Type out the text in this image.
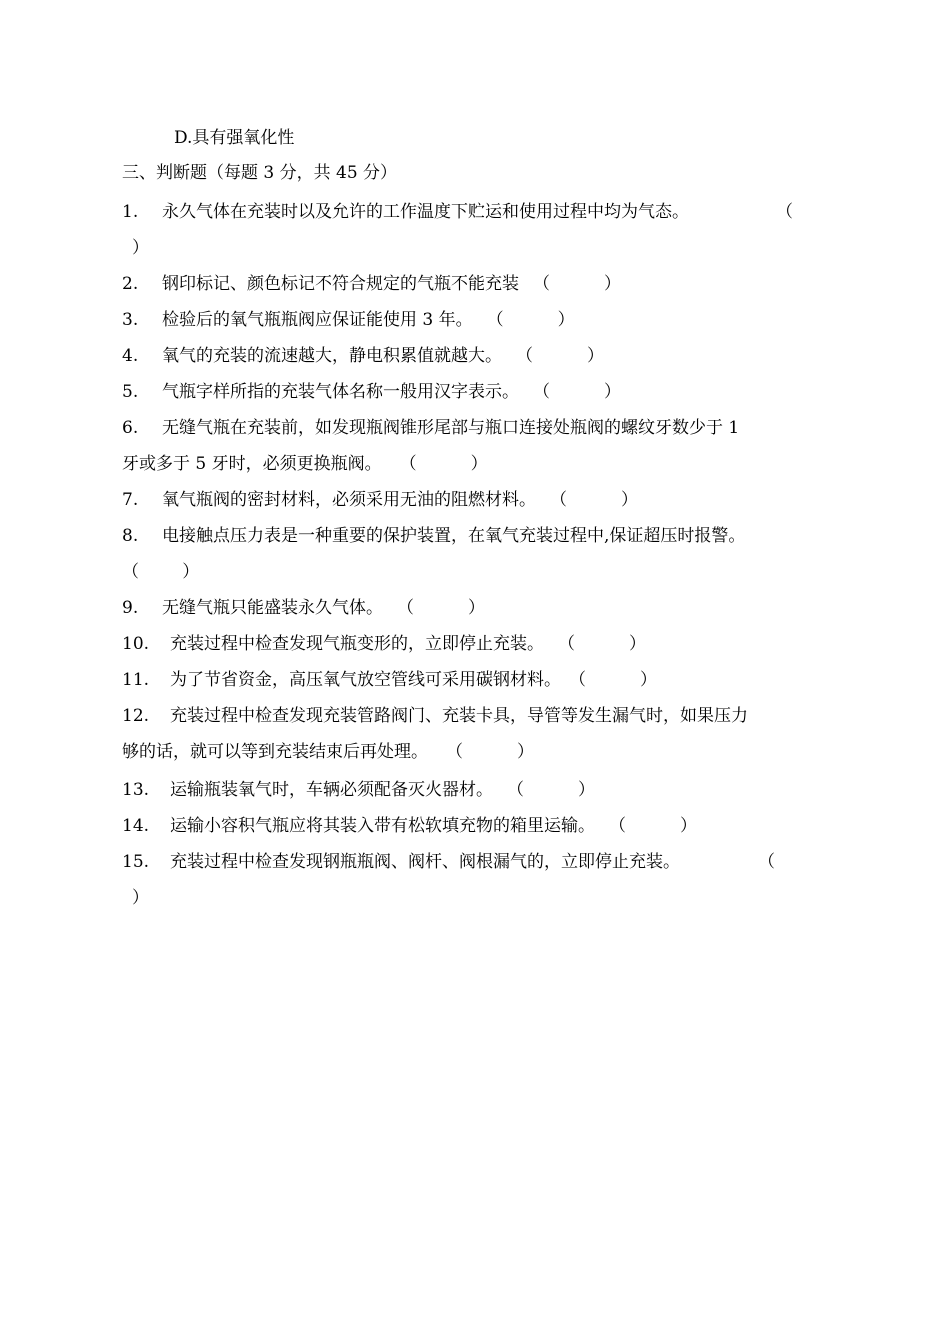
D.具有强氧化性
三、判断题（每题 3 分，共 45 分）
1. 永久气体在充装时以及允许的工作温度下贮运和使用过程中均为气态。	（
）
2. 钢印标记、颜色标记不符合规定的气瓶不能充装 （          ）
3. 检验后的氧气瓶瓶阀应保证能使用 3 年。 （          ）
4. 氧气的充装的流速越大，静电积累值就越大。 （          ）
5. 气瓶字样所指的充装气体名称一般用汉字表示。 （          ）
6. 无缝气瓶在充装前，如发现瓶阀锥形尾部与瓶口连接处瓶阀的螺纹牙数少于 1
牙或多于 5 牙时，必须更换瓶阀。 （          ）
7. 氧气瓶阀的密封材料，必须采用无油的阻燃材料。 （          ）
8. 电接触点压力表是一种重要的保护装置，在氧气充装过程中,保证超压时报警。
（        ）
9. 无缝气瓶只能盛装永久气体。 （          ）
10. 充装过程中检查发现气瓶变形的，立即停止充装。 （          ）
11. 为了节省资金，高压氧气放空管线可采用碳钢材料。 （          ）
12. 充装过程中检查发现充装管路阀门、充装卡具，导管等发生漏气时，如果压力
够的话，就可以等到充装结束后再处理。 （          ）
13. 运输瓶装氧气时，车辆必须配备灭火器材。 （          ）
14. 运输小容积气瓶应将其装入带有松软填充物的箱里运输。 （          ）
15. 充装过程中检查发现钢瓶瓶阀、阀杆、阀根漏气的，立即停止充装。	（
）
